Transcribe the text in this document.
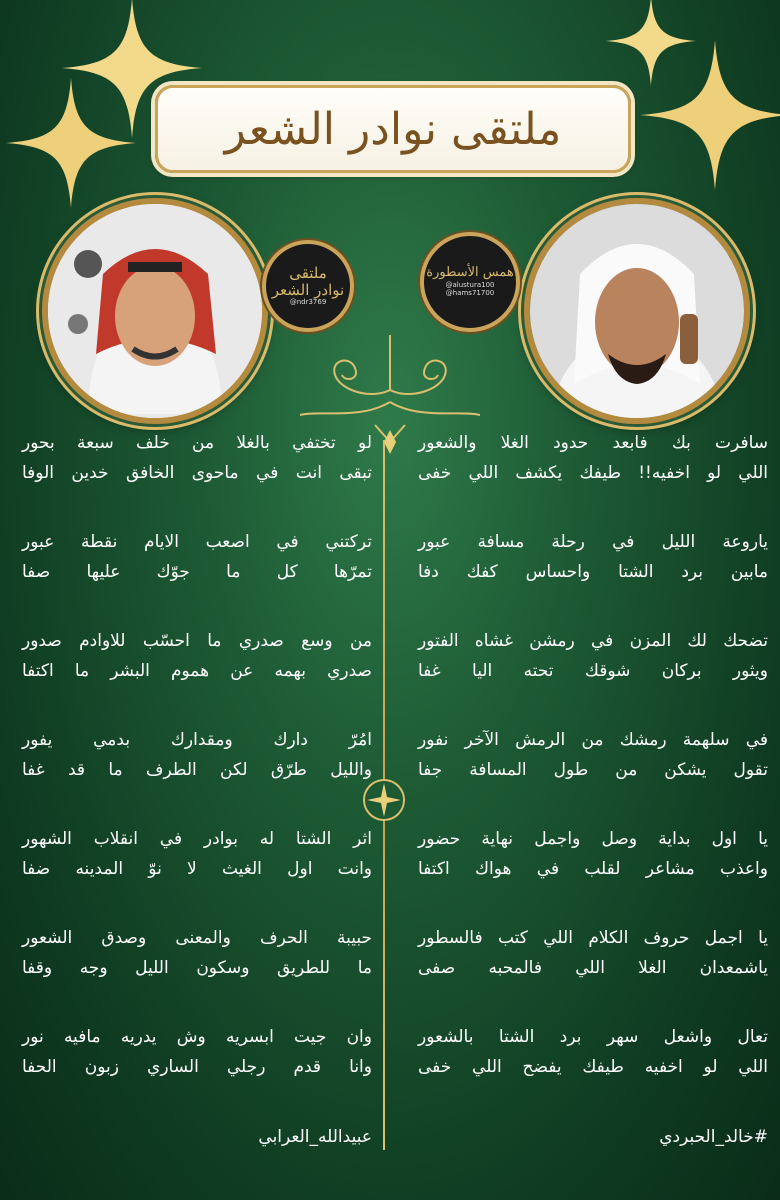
ملتقى نوادر الشعر
ملتقى
نوادر الشعر
@ndr3769
همس الأسطورة
@alustura100
@hams71700
سافرت بك فابعد حدود الغلا والشعور
اللي لو اخفيه!! طيفك يكشف اللي خفى
ياروعة الليل في رحلة مسافة عبور
مابين برد الشتا واحساس كفك دفا
تضحك لك المزن في رمشن غشاه الفتور
ويثور بركان شوقك تحته اليا غفا
في سلهمة رمشك من الرمش الآخر نفور
تقول يشكن من طول المسافة جفا
يا اول بداية وصل واجمل نهاية حضور
واعذب مشاعر لقلب في هواك اكتفا
يا اجمل حروف الكلام اللي كتب فالسطور
ياشمعدان الغلا اللي فالمحبه صفى
تعال واشعل سهر برد الشتا بالشعور
اللي لو اخفيه طيفك يفضح اللي خفى
#خالد_الحبردي
لو تختفي بالغلا من خلف سبعة بحور
تبقى انت في ماحوى الخافق خدين الوفا
تركتني في اصعب الايام نقطة عبور
تمرّها كل ما جوّك عليها صفا
من وسع صدري ما احسّب للاوادم صدور
صدري بهمه عن هموم البشر ما اكتفا
امُرّ دارك ومقدارك بدمي يفور
والليل طرّق لكن الطرف ما قد غفا
اثر الشتا له بوادر في انقلاب الشهور
وانت اول الغيث لا نوّ المدينه ضفا
حبيبة الحرف والمعنى وصدق الشعور
ما للطريق وسكون الليل وجه وقفا
وان جيت ابسريه وش يدريه مافيه نور
وانا قدم رجلي الساري زبون الحفا
عبيدالله_العرابي
